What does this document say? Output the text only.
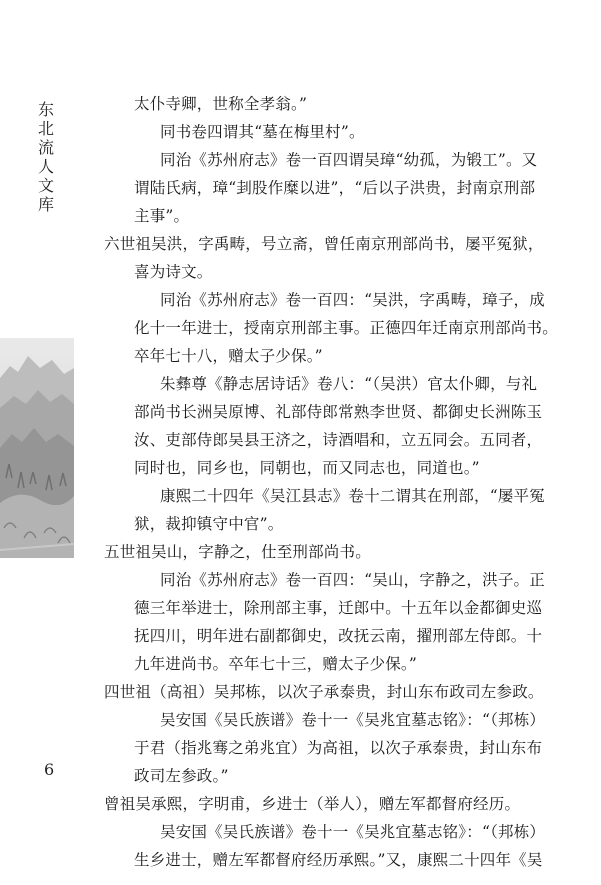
东
北
流
人
文
库
太仆寺卿，世称全孝翁。”
同书卷四谓其“墓在梅里村”。
同治《苏州府志》卷一百四谓吴璋“幼孤，为锻工”。又
谓陆氏病，璋“刲股作糜以进”，“后以子洪贵，封南京刑部
主事”。
六世祖吴洪，字禹畴，号立斋，曾任南京刑部尚书，屡平冤狱，
喜为诗文。
同治《苏州府志》卷一百四：“吴洪，字禹畴，璋子，成
化十一年进士，授南京刑部主事。正德四年迁南京刑部尚书。
卒年七十八，赠太子少保。”
朱彝尊《静志居诗话》卷八：“（吴洪）官太仆卿，与礼
部尚书长洲吴原博、礼部侍郎常熟李世贤、都御史长洲陈玉
汝、吏部侍郎吴县王济之，诗酒唱和，立五同会。五同者，
同时也，同乡也，同朝也，而又同志也，同道也。”
康熙二十四年《吴江县志》卷十二谓其在刑部，“屡平冤
狱，裁抑镇守中官”。
五世祖吴山，字静之，仕至刑部尚书。
同治《苏州府志》卷一百四：“吴山，字静之，洪子。正
德三年举进士，除刑部主事，迁郎中。十五年以金都御史巡
抚四川，明年进右副都御史，改抚云南，擢刑部左侍郎。十
九年进尚书。卒年七十三，赠太子少保。”
四世祖（高祖）吴邦栋，以次子承泰贵，封山东布政司左参政。
吴安国《吴氏族谱》卷十一《吴兆宜墓志铭》：“（邦栋）
于君（指兆骞之弟兆宜）为高祖，以次子承泰贵，封山东布
政司左参政。”
曾祖吴承熙，字明甫，乡进士（举人），赠左军都督府经历。
吴安国《吴氏族谱》卷十一《吴兆宜墓志铭》：“（邦栋）
生乡进士，赠左军都督府经历承熙。”又，康熙二十四年《吴
6
